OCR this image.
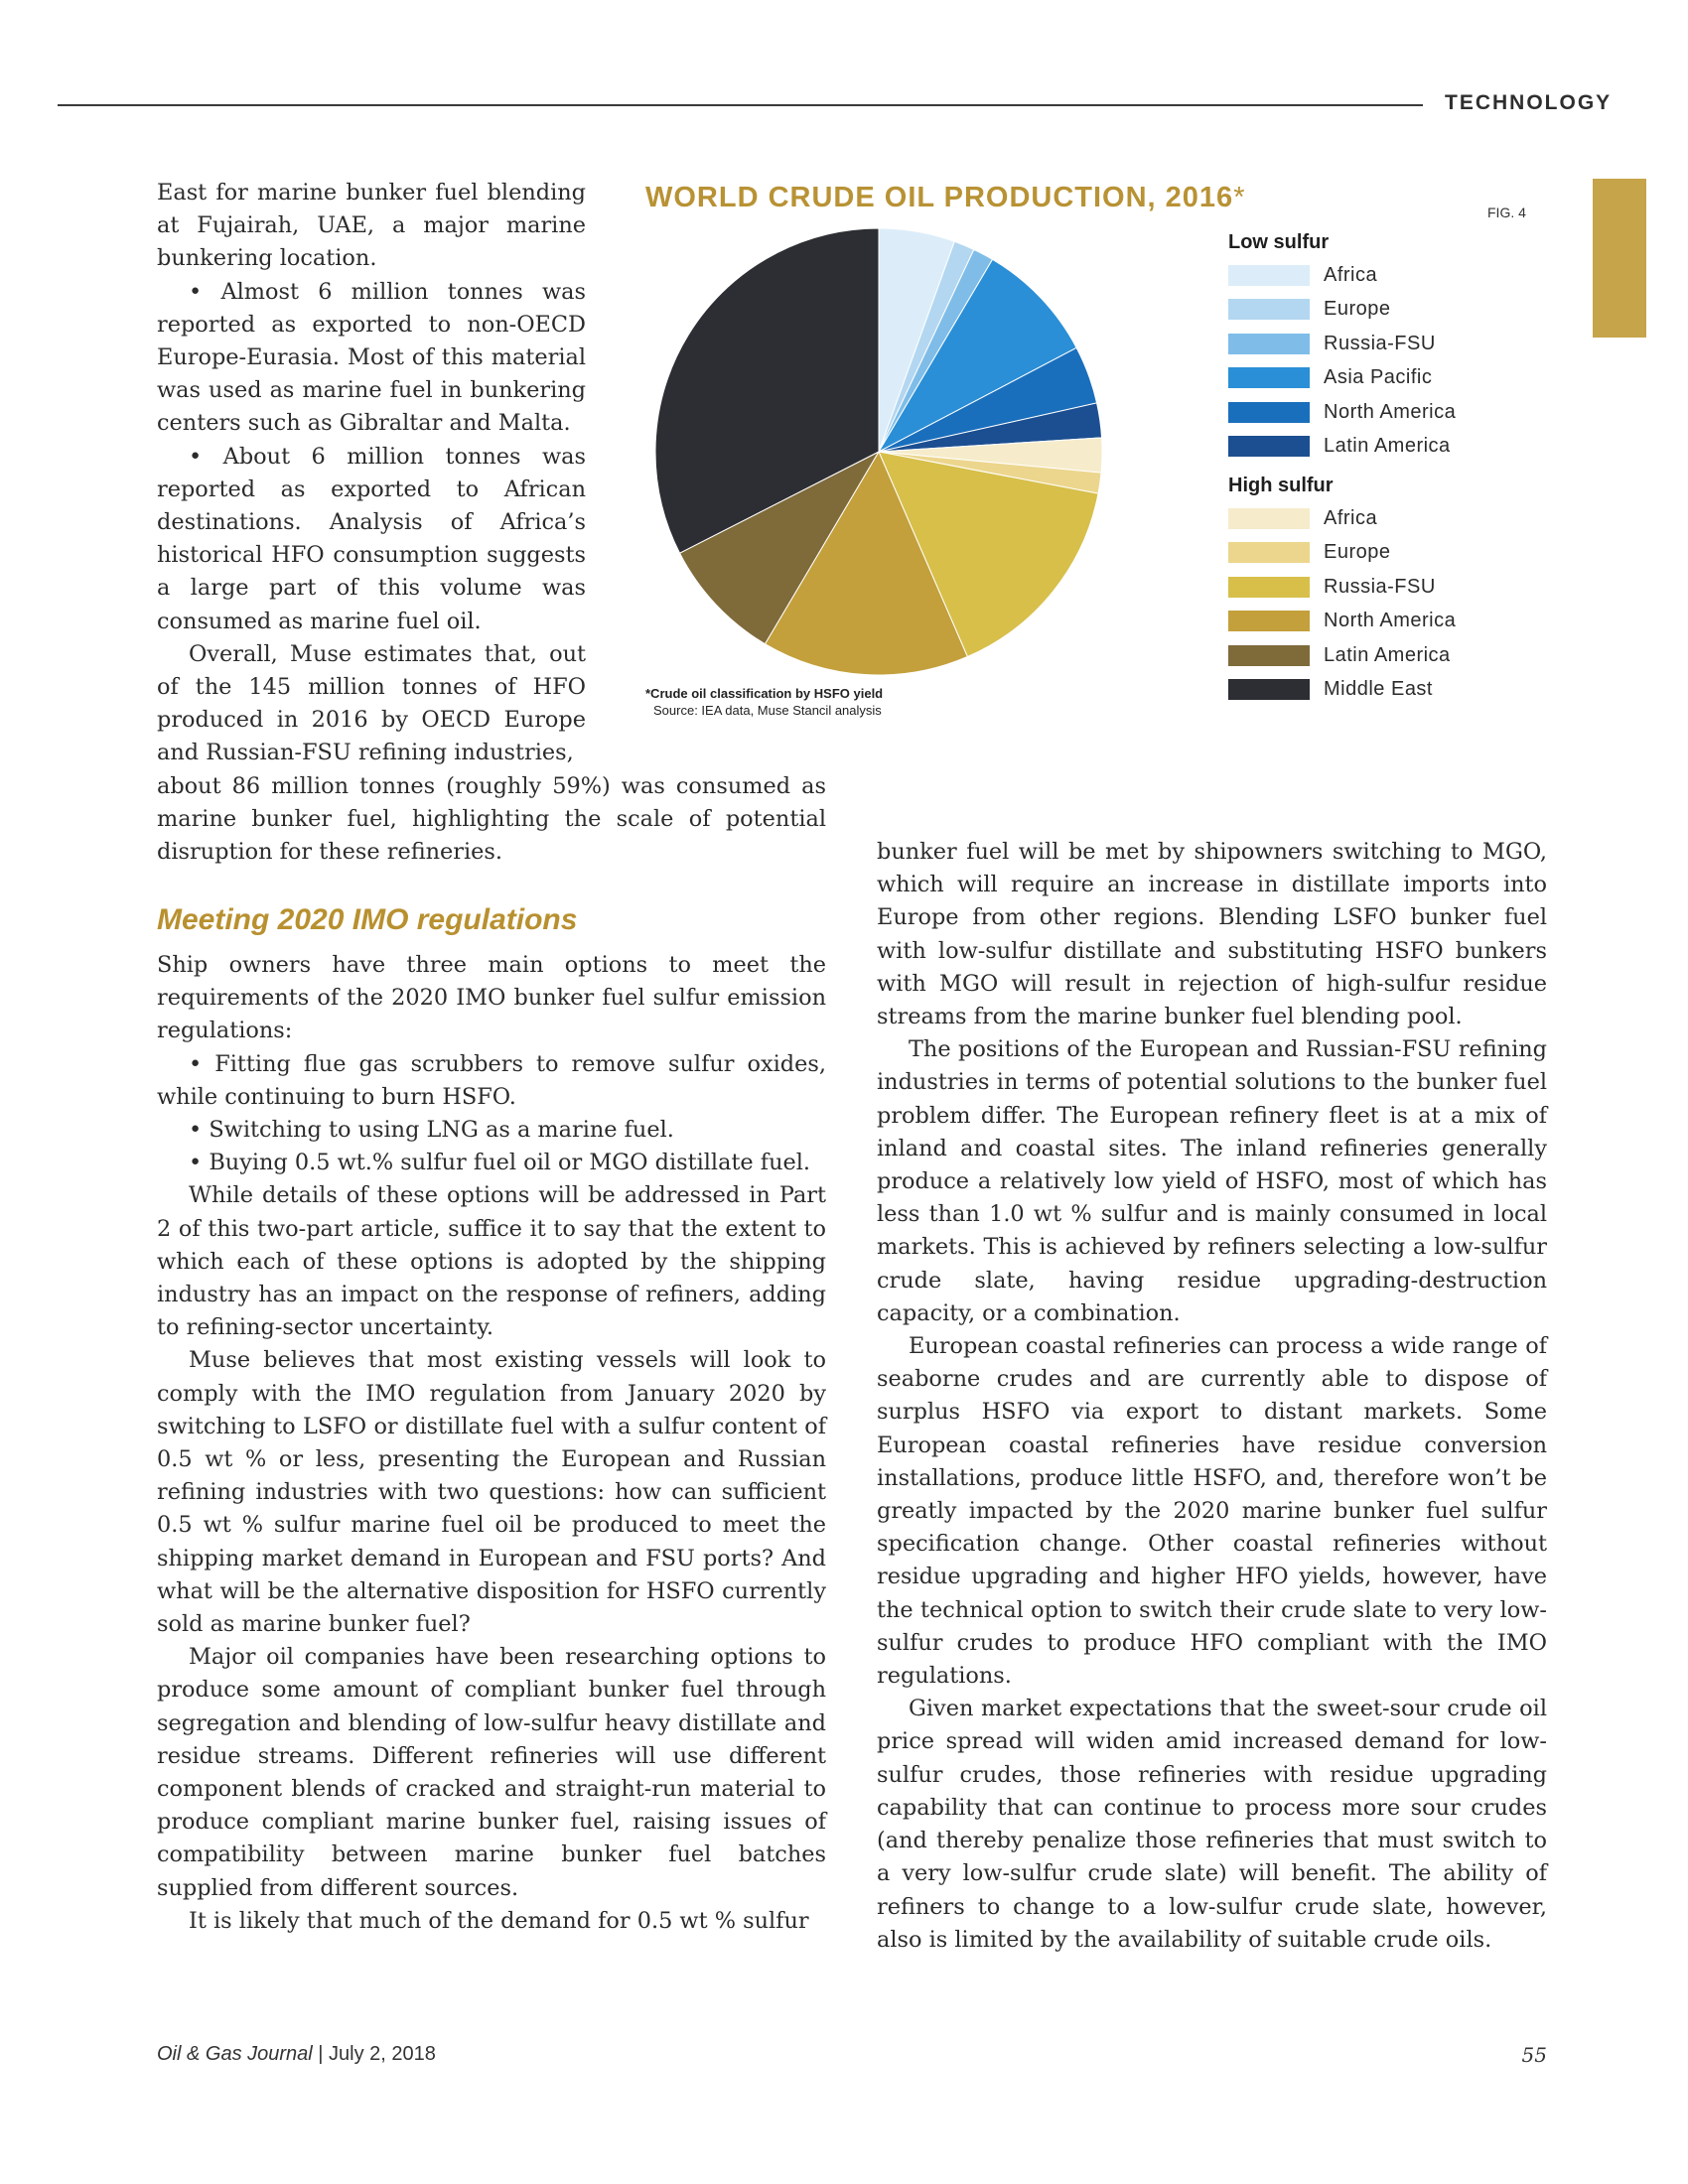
TECHNOLOGY
FIG. 4
WORLD CRUDE OIL PRODUCTION, 2016*
*Crude oil classification by HSFO yield
Source: IEA data, Muse Stancil analysis
Low sulfur
Africa
Europe
Russia-FSU
Asia Pacific
North America
Latin America
High sulfur
Africa
Europe
Russia-FSU
North America
Latin America
Middle East

East for marine bunker fuel blending at Fujairah, UAE, a major marine bunkering location.

• Almost 6 million tonnes was reported as exported to non-OECD Europe-Eurasia. Most of this material was used as marine fuel in bunkering centers such as Gibraltar and Malta.

• About 6 million tonnes was reported as exported to African destinations. Analysis of Africa’s historical HFO consumption suggests a large part of this volume was consumed as marine fuel oil.

Overall, Muse estimates that, out of the 145 million tonnes of HFO produced in 2016 by OECD Europe and Russian-FSU refining industries,

about 86 million tonnes (roughly 59%) was consumed as marine bunker fuel, highlighting the scale of potential disruption for these refineries.

Meeting 2020 IMO regulations

Ship owners have three main options to meet the requirements of the 2020 IMO bunker fuel sulfur emission regulations:

• Fitting flue gas scrubbers to remove sulfur oxides, while continuing to burn HSFO.

• Switching to using LNG as a marine fuel.

• Buying 0.5 wt.% sulfur fuel oil or MGO distillate fuel.

While details of these options will be addressed in Part 2 of this two-part article, suffice it to say that the extent to which each of these options is adopted by the shipping industry has an impact on the response of refiners, adding to refining-sector uncertainty.

Muse believes that most existing vessels will look to comply with the IMO regulation from January 2020 by switching to LSFO or distillate fuel with a sulfur content of 0.5 wt % or less, presenting the European and Russian refining industries with two questions: how can sufficient 0.5 wt % sulfur marine fuel oil be produced to meet the shipping market demand in European and FSU ports? And what will be the alternative disposition for HSFO currently sold as marine bunker fuel?

Major oil companies have been researching options to produce some amount of compliant bunker fuel through segregation and blending of low-sulfur heavy distillate and residue streams. Different refineries will use different component blends of cracked and straight-run material to produce compliant marine bunker fuel, raising issues of compatibility between marine bunker fuel batches supplied from different sources.

It is likely that much of the demand for 0.5 wt % sulfur

bunker fuel will be met by shipowners switching to MGO, which will require an increase in distillate imports into Europe from other regions. Blending LSFO bunker fuel with low-sulfur distillate and substituting HSFO bunkers with MGO will result in rejection of high-sulfur residue streams from the marine bunker fuel blending pool.

The positions of the European and Russian-FSU refining industries in terms of potential solutions to the bunker fuel problem differ. The European refinery fleet is at a mix of inland and coastal sites. The inland refineries generally produce a relatively low yield of HSFO, most of which has less than 1.0 wt % sulfur and is mainly consumed in local markets. This is achieved by refiners selecting a low-sulfur crude slate, having residue upgrading-destruction capacity, or a combination.

European coastal refineries can process a wide range of seaborne crudes and are currently able to dispose of surplus HSFO via export to distant markets. Some European coastal refineries have residue conversion installations, produce little HSFO, and, therefore won’t be greatly impacted by the 2020 marine bunker fuel sulfur specification change. Other coastal refineries without residue upgrading and higher HFO yields, however, have the technical option to switch their crude slate to very low-sulfur crudes to produce HFO compliant with the IMO regulations.

Given market expectations that the sweet-sour crude oil price spread will widen amid increased demand for low-sulfur crudes, those refineries with residue upgrading capability that can continue to process more sour crudes (and thereby penalize those refineries that must switch to a very low-sulfur crude slate) will benefit. The ability of refiners to change to a low-sulfur crude slate, however, also is limited by the availability of suitable crude oils.

Oil & Gas Journal | July 2, 2018	55
